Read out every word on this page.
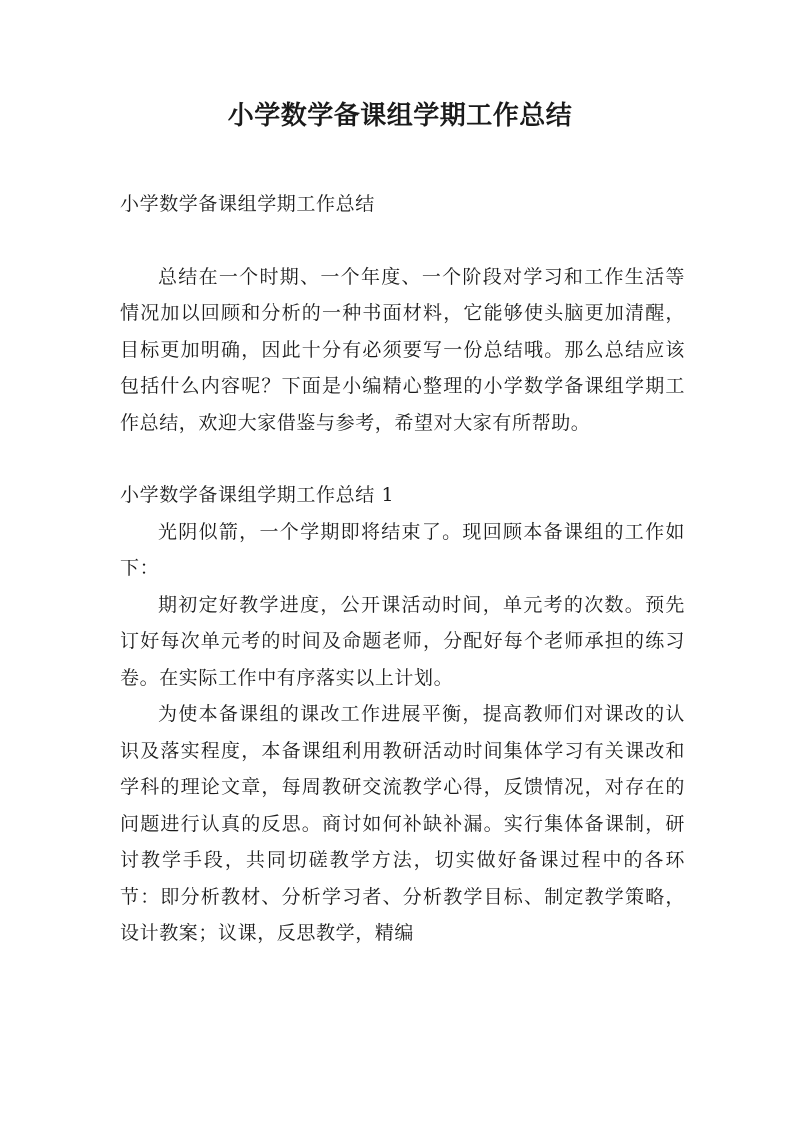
小学数学备课组学期工作总结

小学数学备课组学期工作总结

总结在一个时期、一个年度、一个阶段对学习和工作生活等情况加以回顾和分析的一种书面材料，它能够使头脑更加清醒，目标更加明确，因此十分有必须要写一份总结哦。那么总结应该包括什么内容呢？下面是小编精心整理的小学数学备课组学期工作总结，欢迎大家借鉴与参考，希望对大家有所帮助。

小学数学备课组学期工作总结 1

光阴似箭，一个学期即将结束了。现回顾本备课组的工作如下：

期初定好教学进度，公开课活动时间，单元考的次数。预先订好每次单元考的时间及命题老师，分配好每个老师承担的练习卷。在实际工作中有序落实以上计划。

为使本备课组的课改工作进展平衡，提高教师们对课改的认识及落实程度，本备课组利用教研活动时间集体学习有关课改和学科的理论文章，每周教研交流教学心得，反馈情况，对存在的问题进行认真的反思。商讨如何补缺补漏。实行集体备课制，研讨教学手段，共同切磋教学方法，切实做好备课过程中的各环节：即分析教材、分析学习者、分析教学目标、制定教学策略，设计教案；议课，反思教学，精编
